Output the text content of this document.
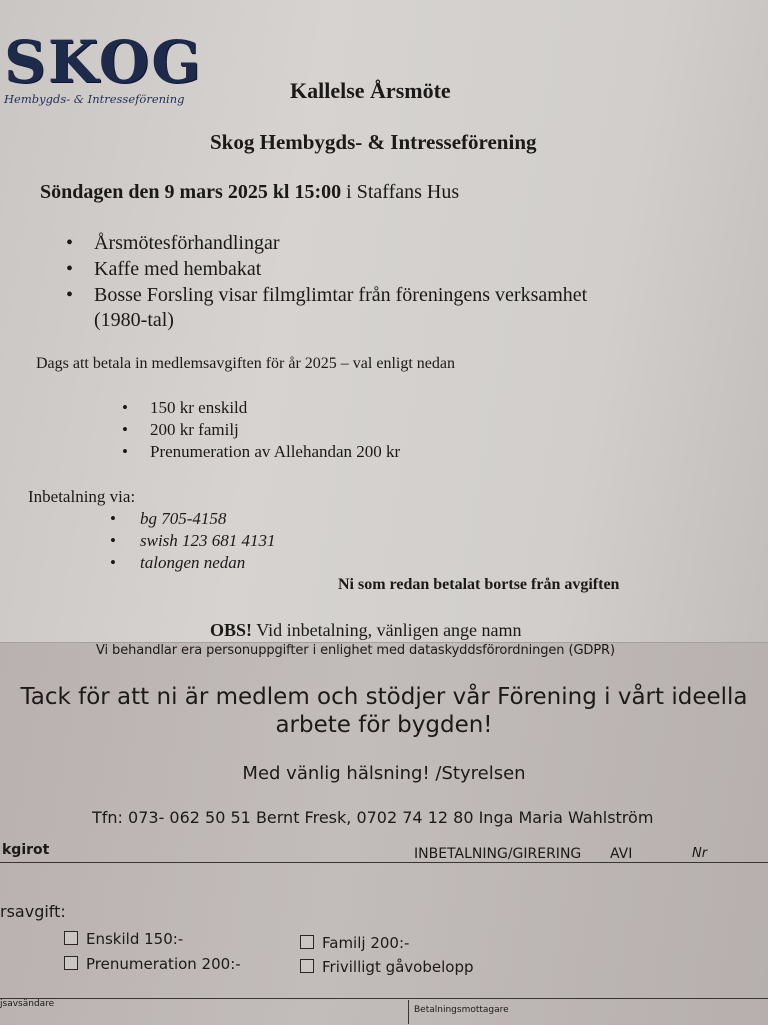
SKOG
Hembygds- & Intresseförening	Kallelse Årsmöte
Skog Hembygds- & Intresseförening
Söndagen den 9 mars 2025 kl 15:00 i Staffans Hus
• Årsmötesförhandlingar
• Kaffe med hembakat
• Bosse Forsling visar filmglimtar från föreningens verksamhet
(1980-tal)
Dags att betala in medlemsavgiften för år 2025 – val enligt nedan
• 150 kr enskild
• 200 kr familj
• Prenumeration av Allehandan 200 kr
Inbetalning via:
• bg 705-4158
• swish 123 681 4131
• talongen nedan
Ni som redan betalat bortse från avgiften
OBS! Vid inbetalning, vänligen ange namn
Vi behandlar era personuppgifter i enlighet med dataskyddsförordningen (GDPR)
Tack för att ni är medlem och stödjer vår Förening i vårt ideella
arbete för bygden!
Med vänlig hälsning! /Styrelsen
Tfn: 073- 062 50 51 Bernt Fresk, 0702 74 12 80 Inga Maria Wahlström
kgirot	INBETALNING/GIRERING AVI	Nr
rsavgift:
Enskild 150:-	Familj 200:-
Prenumeration 200:-	Frivilligt gåvobelopp
jsavsändare
Betalningsmottagare
